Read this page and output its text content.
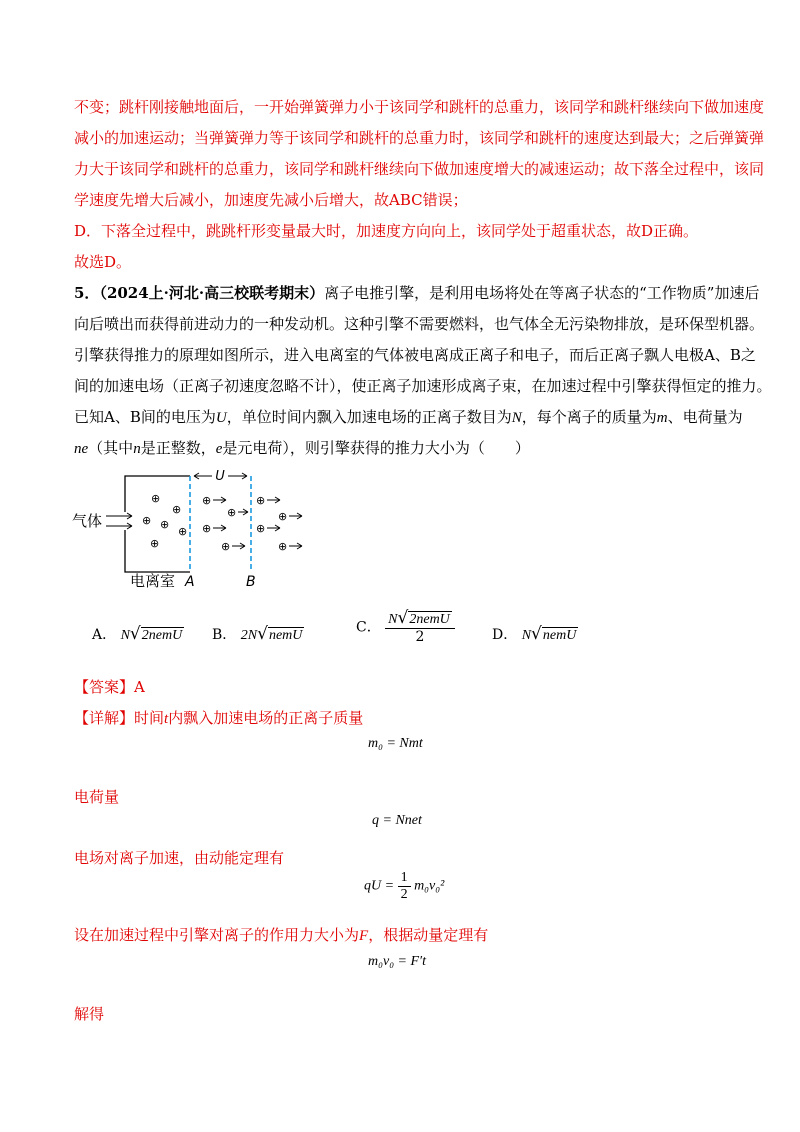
不变；跳杆刚接触地面后，一开始弹簧弹力小于该同学和跳杆的总重力，该同学和跳杆继续向下做加速度
减小的加速运动；当弹簧弹力等于该同学和跳杆的总重力时，该同学和跳杆的速度达到最大；之后弹簧弹
力大于该同学和跳杆的总重力，该同学和跳杆继续向下做加速度增大的减速运动；故下落全过程中，该同
学速度先增大后减小，加速度先减小后增大，故ABC错误；
D．下落全过程中，跳跳杆形变量最大时，加速度方向向上，该同学处于超重状态，故D正确。
故选D。
5．（2024上·河北·高三校联考期末）离子电推引擎，是利用电场将处在等离子状态的“工作物质”加速后
向后喷出而获得前进动力的一种发动机。这种引擎不需要燃料，也气体全无污染物排放，是环保型机器。
引擎获得推力的原理如图所示，进入电离室的气体被电离成正离子和电子，而后正离子飘人电极A、B之
间的加速电场（正离子初速度忽略不计），使正离子加速形成离子束，在加速过程中引擎获得恒定的推力。
已知A、B间的电压为U，单位时间内飘入加速电场的正离子数目为N，每个离子的质量为m、电荷量为
ne（其中n是正整数，e是元电荷），则引擎获得的推力大小为（　　）
U
气体
⊕
⊕
⊕ ⊕
⊕
⊕
⊕
⊕
⊕
⊕
⊕
⊕
⊕
⊕
电离室 A	B
A． N√2nemU B． 2N√nemU	C． $\frac{\text{N√2nemU}}{2}$	D． N√nemU
【答案】A
【详解】时间t内飘入加速电场的正离子质量
m₀ = Nmt
电荷量
q = Nnet
电场对离子加速，由动能定理有
qU = $\frac{1}{2} m_0v_0^2$
设在加速过程中引擎对离子的作用力大小为F，根据动量定理有
m₀v₀ = F′t
解得
